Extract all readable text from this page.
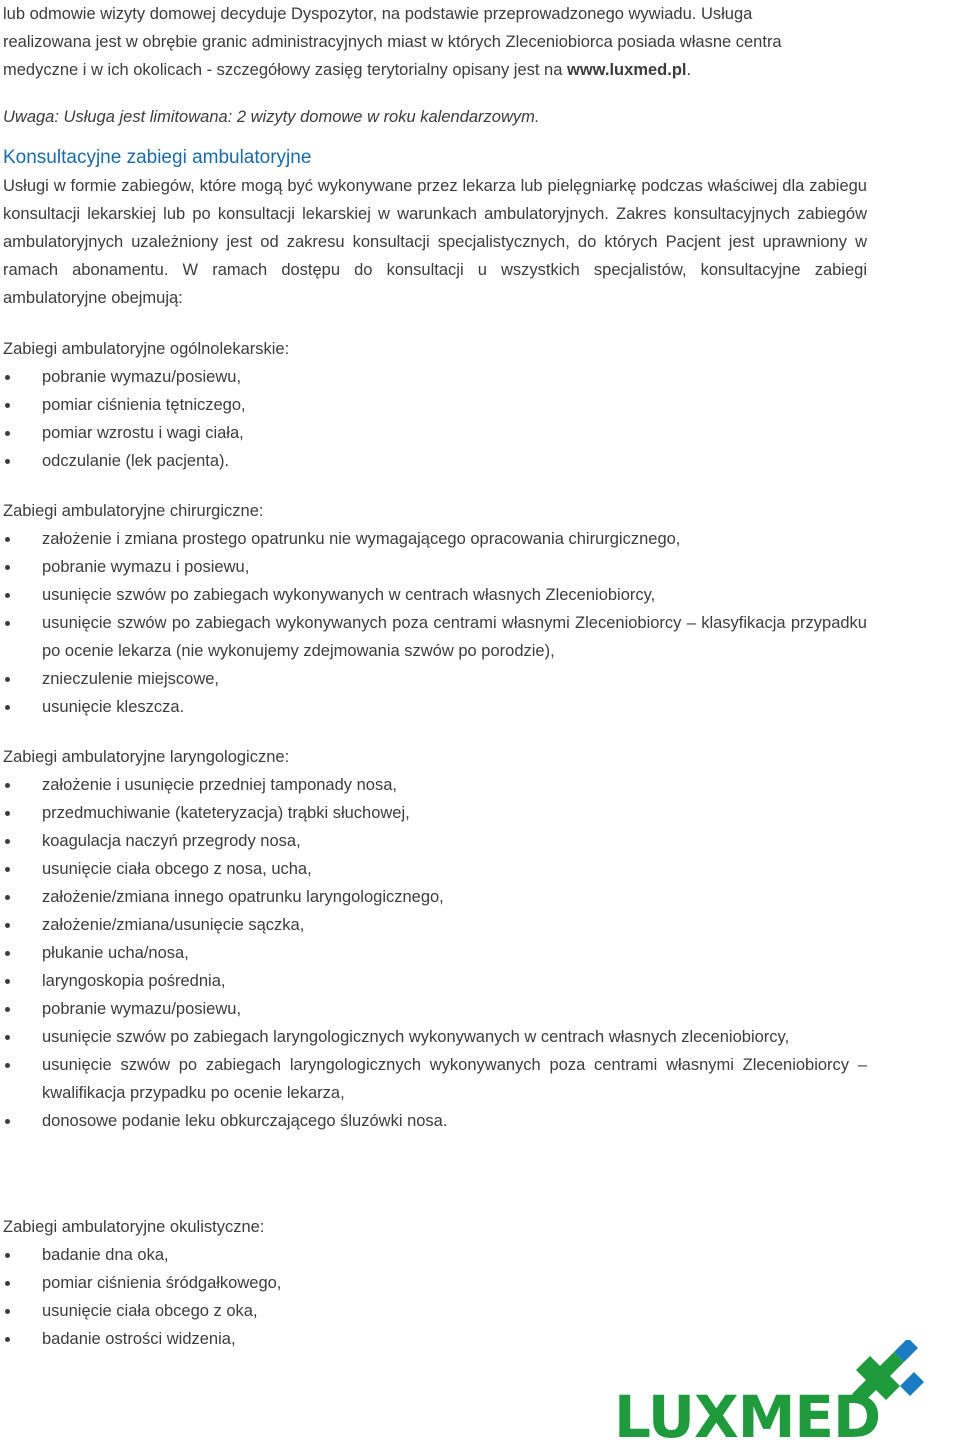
lub odmowie wizyty domowej decyduje Dyspozytor, na podstawie przeprowadzonego wywiadu. Usługa
realizowana jest w obrębie granic administracyjnych miast w których Zleceniobiorca posiada własne centra
medyczne i w ich okolicach - szczegółowy zasięg terytorialny opisany jest na www.luxmed.pl.

Uwaga: Usługa jest limitowana: 2 wizyty domowe w roku kalendarzowym.

Konsultacyjne zabiegi ambulatoryjne

Usługi w formie zabiegów, które mogą być wykonywane przez lekarza lub pielęgniarkę podczas właściwej dla zabiegu konsultacji lekarskiej lub po konsultacji lekarskiej w warunkach ambulatoryjnych. Zakres konsultacyjnych zabiegów ambulatoryjnych uzależniony jest od zakresu konsultacji specjalistycznych, do których Pacjent jest uprawniony w ramach abonamentu. W ramach dostępu do konsultacji u wszystkich specjalistów, konsultacyjne zabiegi ambulatoryjne obejmują:

Zabiegi ambulatoryjne ogólnolekarskie:
pobranie wymazu/posiewu,
pomiar ciśnienia tętniczego,
pomiar wzrostu i wagi ciała,
odczulanie (lek pacjenta).
Zabiegi ambulatoryjne chirurgiczne:
założenie i zmiana prostego opatrunku nie wymagającego opracowania chirurgicznego,
pobranie wymazu i posiewu,
usunięcie szwów po zabiegach wykonywanych w centrach własnych Zleceniobiorcy,
usunięcie szwów po zabiegach wykonywanych poza centrami własnymi Zleceniobiorcy – klasyfikacja przypadku po ocenie lekarza (nie wykonujemy zdejmowania szwów po porodzie),
znieczulenie miejscowe,
usunięcie kleszcza.
Zabiegi ambulatoryjne laryngologiczne:
założenie i usunięcie przedniej tamponady nosa,
przedmuchiwanie (kateteryzacja) trąbki słuchowej,
koagulacja naczyń przegrody nosa,
usunięcie ciała obcego z nosa, ucha,
założenie/zmiana innego opatrunku laryngologicznego,
założenie/zmiana/usunięcie sączka,
płukanie ucha/nosa,
laryngoskopia pośrednia,
pobranie wymazu/posiewu,
usunięcie szwów po zabiegach laryngologicznych wykonywanych w centrach własnych zleceniobiorcy,
usunięcie szwów po zabiegach laryngologicznych wykonywanych poza centrami własnymi Zleceniobiorcy – kwalifikacja przypadku po ocenie lekarza,
donosowe podanie leku obkurczającego śluzówki nosa.
Zabiegi ambulatoryjne okulistyczne:
badanie dna oka,
pomiar ciśnienia śródgałkowego,
usunięcie ciała obcego z oka,
badanie ostrości widzenia,
LUXMED
